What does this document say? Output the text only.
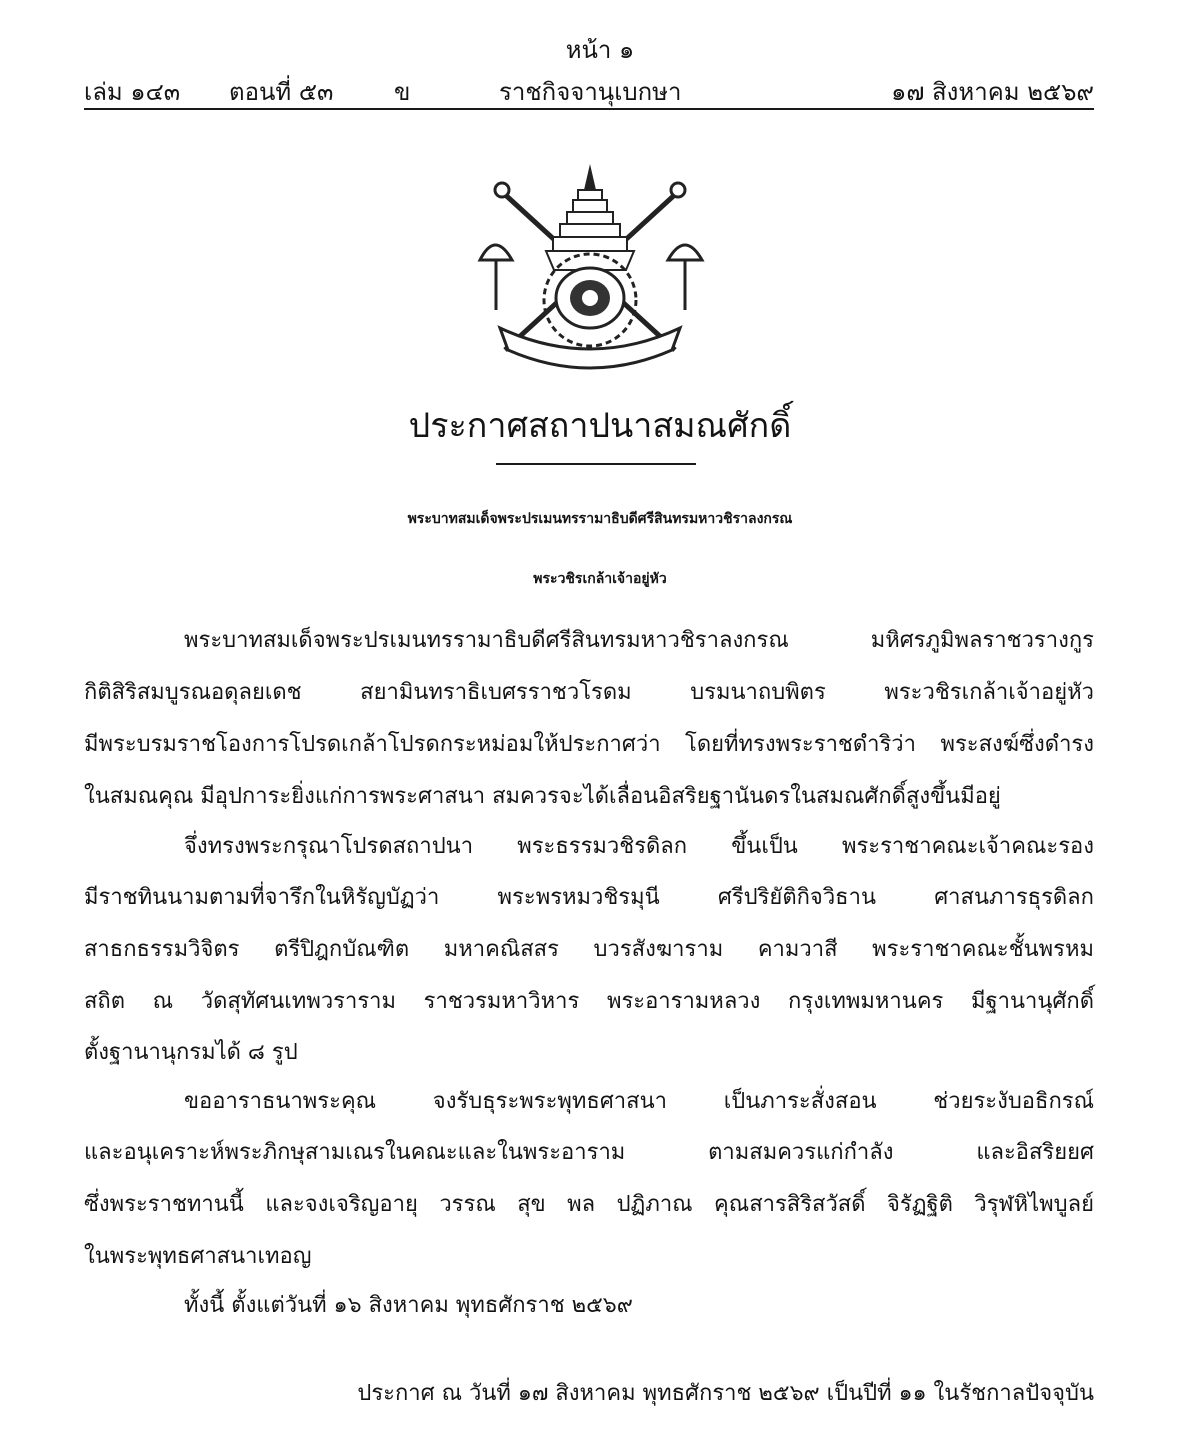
หน้า ๑
เล่ม ๑๔๓ ตอนที่ ๕๓	ข	ราชกิจจานุเบกษา	๑๗ สิงหาคม ๒๕๖๙
ประกาศสถาปนาสมณศักดิ์
พระบาทสมเด็จพระปรเมนทรรามาธิบดีศรีสินทรมหาวชิราลงกรณ
พระวชิรเกล้าเจ้าอยู่หัว
พระบาทสมเด็จพระปรเมนทรรามาธิบดีศรีสินทรมหาวชิราลงกรณ มหิศรภูมิพลราชวรางกูร
กิติสิริสมบูรณอดุลยเดช สยามินทราธิเบศรราชวโรดม บรมนาถบพิตร พระวชิรเกล้าเจ้าอยู่หัว
มีพระบรมราชโองการโปรดเกล้าโปรดกระหม่อมให้ประกาศว่า โดยที่ทรงพระราชดำริว่า พระสงฆ์ซึ่งดำรง
ในสมณคุณ มีอุปการะยิ่งแก่การพระศาสนา สมควรจะได้เลื่อนอิสริยฐานันดรในสมณศักดิ์สูงขึ้นมีอยู่
จึ่งทรงพระกรุณาโปรดสถาปนา พระธรรมวชิรดิลก ขึ้นเป็น พระราชาคณะเจ้าคณะรอง
มีราชทินนามตามที่จารึกในหิรัญบัฏว่า พระพรหมวชิรมุนี ศรีปริยัติกิจวิธาน ศาสนภารธุรดิลก
สาธกธรรมวิจิตร ตรีปิฎกบัณฑิต มหาคณิสสร บวรสังฆาราม คามวาสี พระราชาคณะชั้นพรหม
สถิต ณ วัดสุทัศนเทพวราราม ราชวรมหาวิหาร พระอารามหลวง กรุงเทพมหานคร มีฐานานุศักดิ์
ตั้งฐานานุกรมได้ ๘ รูป
ขออาราธนาพระคุณ จงรับธุระพระพุทธศาสนา เป็นภาระสั่งสอน ช่วยระงับอธิกรณ์
และอนุเคราะห์พระภิกษุสามเณรในคณะและในพระอาราม ตามสมควรแก่กำลัง และอิสริยยศ
ซึ่งพระราชทานนี้ และจงเจริญอายุ วรรณ สุข พล ปฏิภาณ คุณสารสิริสวัสดิ์ จิรัฏฐิติ วิรุฬหิไพบูลย์
ในพระพุทธศาสนาเทอญ
ทั้งนี้ ตั้งแต่วันที่ ๑๖ สิงหาคม พุทธศักราช ๒๕๖๙
ประกาศ ณ วันที่ ๑๗ สิงหาคม พุทธศักราช ๒๕๖๙ เป็นปีที่ ๑๑ ในรัชกาลปัจจุบัน
